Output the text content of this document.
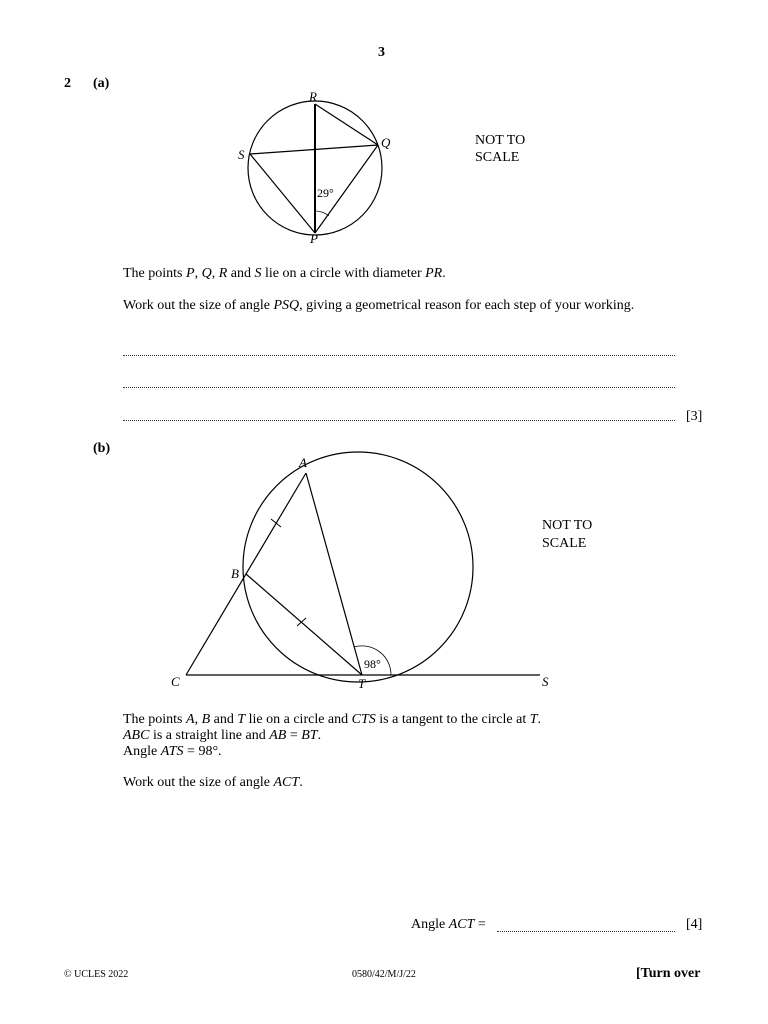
3
2 (a)
R
Q
S
P
29°
NOT TO
SCALE
The points P, Q, R and S lie on a circle with diameter PR.
Work out the size of angle PSQ, giving a geometrical reason for each step of your working.
[3]
(b)
A
B
C	T	S
98°
NOT TO
SCALE
The points A, B and T lie on a circle and CTS is a tangent to the circle at T.
ABC is a straight line and AB = BT.
Angle ATS = 98°.
Work out the size of angle ACT.
Angle ACT =	[4]
© UCLES 2022	0580/42/M/J/22	[Turn over
